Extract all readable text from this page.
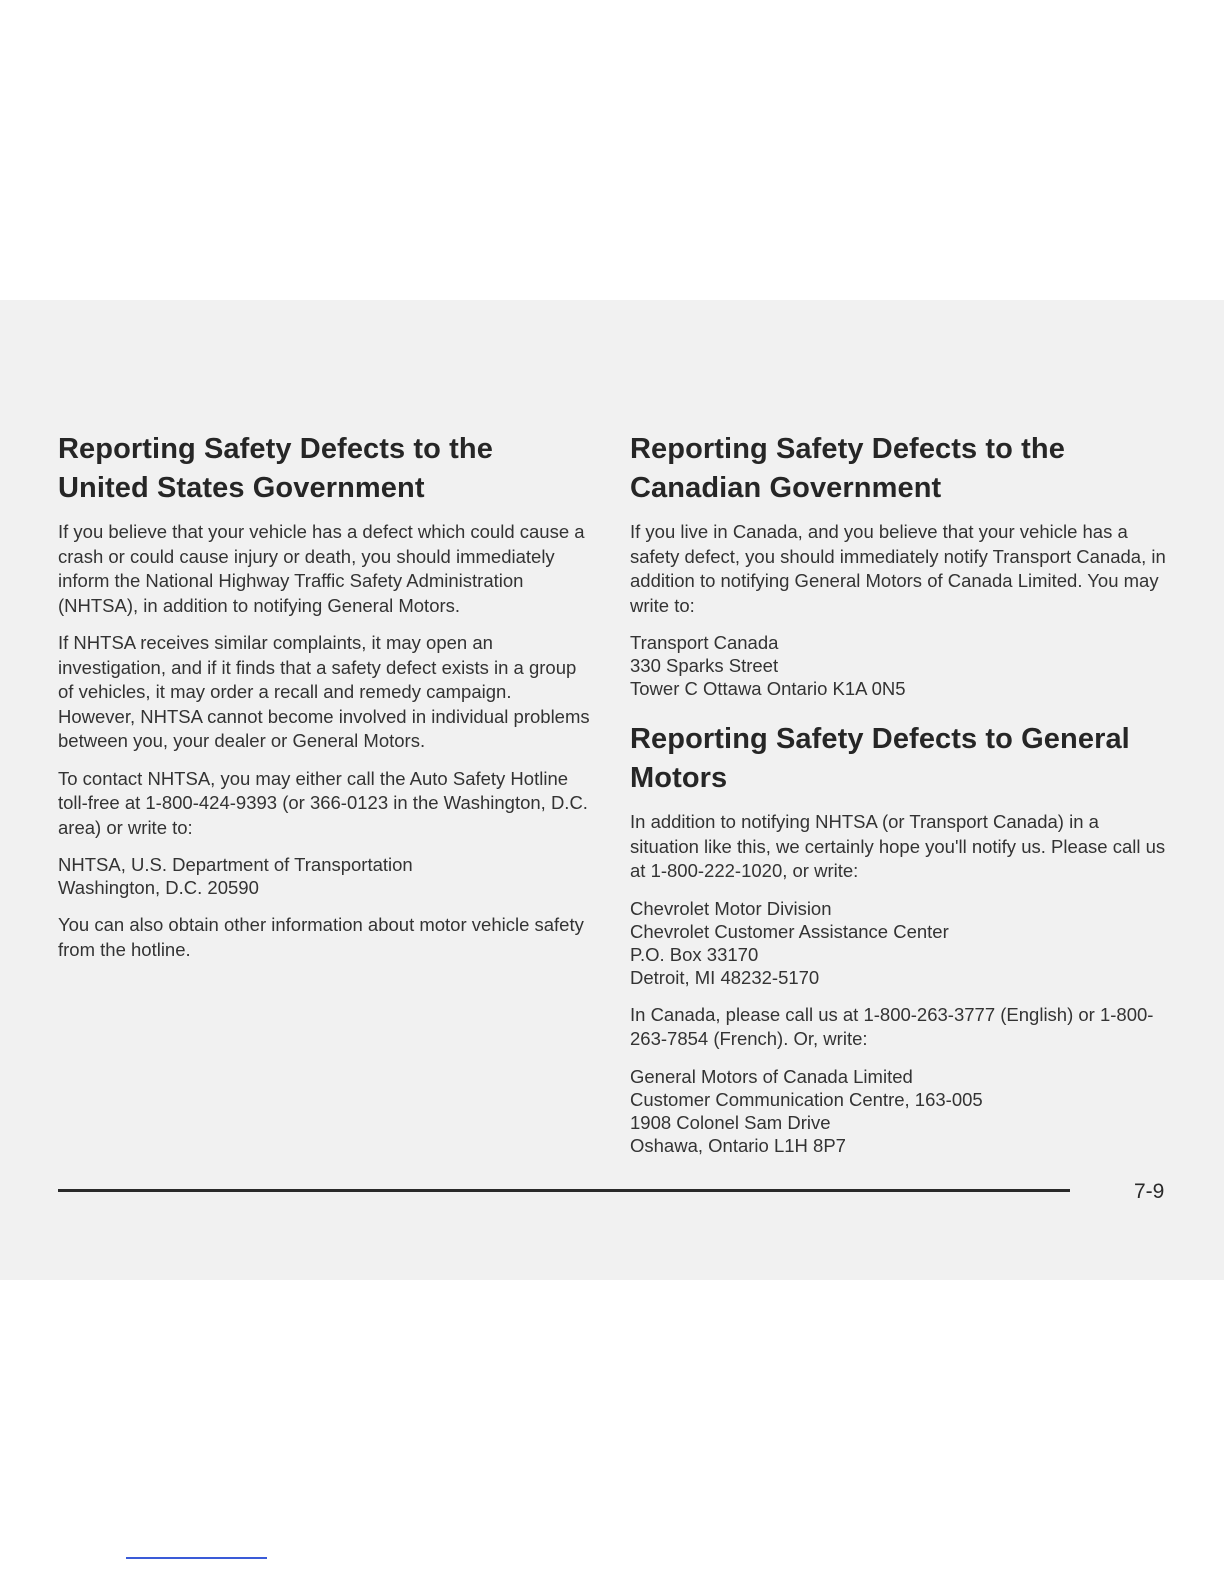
Reporting Safety Defects to the
United States Government

If you believe that your vehicle has a defect which could cause a crash or could cause injury or death, you should immediately inform the National Highway Traffic Safety Administration (NHTSA), in addition to notifying General Motors.

If NHTSA receives similar complaints, it may open an investigation, and if it finds that a safety defect exists in a group of vehicles, it may order a recall and remedy campaign. However, NHTSA cannot become involved in individual problems between you, your dealer or General Motors.

To contact NHTSA, you may either call the Auto Safety Hotline toll-free at 1-800-424-9393 (or 366-0123 in the Washington, D.C. area) or write to:

NHTSA, U.S. Department of Transportation
Washington, D.C. 20590

You can also obtain other information about motor vehicle safety from the hotline.

Reporting Safety Defects to the
Canadian Government

If you live in Canada, and you believe that your vehicle has a safety defect, you should immediately notify Transport Canada, in addition to notifying General Motors of Canada Limited. You may write to:

Transport Canada
330 Sparks Street
Tower C Ottawa Ontario K1A 0N5
Reporting Safety Defects to General
Motors

In addition to notifying NHTSA (or Transport Canada) in a situation like this, we certainly hope you'll notify us. Please call us at 1-800-222-1020, or write:

Chevrolet Motor Division
Chevrolet Customer Assistance Center
P.O. Box 33170
Detroit, MI 48232-5170

In Canada, please call us at 1-800-263-3777 (English) or 1-800-263-7854 (French). Or, write:

General Motors of Canada Limited
Customer Communication Centre, 163-005
1908 Colonel Sam Drive
Oshawa, Ontario L1H 8P7
7-9
